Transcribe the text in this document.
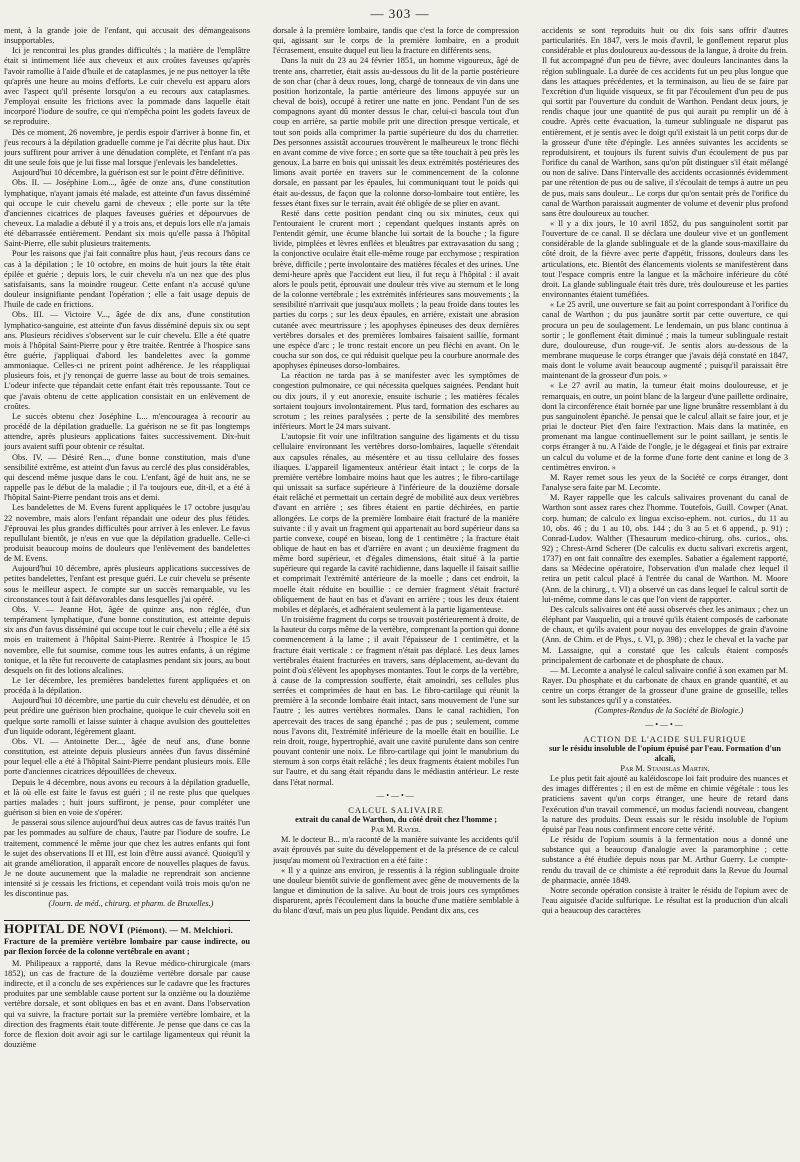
— 303 —

ment, à la grande joie de l'enfant, qui accusait des démangeaisons insupportables.

Ici je rencontrai les plus grandes difficultés ; la matière de l'emplâtre était si intimement liée aux cheveux et aux croûtes faveuses qu'après l'avoir ramollie à l'aide d'huile et de cataplasmes, je ne pus nettoyer la tête qu'après une heure au moins d'efforts. Le cuir chevelu est apparu alors avec l'aspect qu'il présente lorsqu'on a eu recours aux cataplasmes. J'employai ensuite les frictions avec la pommade dans laquelle était incorporé l'iodure de soufre, ce qui n'empêcha point les godets faveux de se reproduire.

Dès ce moment, 26 novembre, je perdis espoir d'arriver à bonne fin, et j'eus recours à la dépilation graduelle comme je l'ai décrite plus haut. Dix jours suffirent pour arriver à une dénudation complète, et l'enfant n'a pas dit une seule fois que je lui fisse mal lorsque j'enlevais les bandelettes.

Aujourd'hui 10 décembre, la guérison est sur le point d'être définitive.

Obs. II. — Joséphine Lom..., âgée de onze ans, d'une constitution lymphatique, n'ayant jamais été malade, est atteinte d'un favus disséminé qui occupe le cuir chevelu garni de cheveux ; elle porte sur la tête d'anciennes cicatrices de plaques faveuses guéries et dépourvues de cheveux. La maladie a débuté il y a trois ans, et depuis lors elle n'a jamais été débarrassée entièrement. Pendant six mois qu'elle passa à l'hôpital Saint-Pierre, elle subit plusieurs traitements.

Pour les raisons que j'ai fait connaître plus haut, j'eus recours dans ce cas à la dépilation ; le 10 octobre, en moins de huit jours la tête était épilée et guérie ; depuis lors, le cuir chevelu n'a un nez que des plus satisfaisants, sans la moindre rougeur. Cette enfant n'a accusé qu'une douleur insignifiante pendant l'opération ; elle a fait usage depuis de l'huile de cade en frictions.

Obs. III. — Victoire V..., âgée de dix ans, d'une constitution lymphatico-sanguine, est atteinte d'un favus disséminé depuis six ou sept ans. Plusieurs récidives s'observent sur le cuir chevelu. Elle a été quatre mois à l'hôpital Saint-Pierre pour y être traitée. Rentrée à l'hospice sans être guérie, j'appliquai d'abord les bandelettes avec la gomme ammoniaque. Celles-ci ne prirent point adhérence. Je les réappliquai plusieurs fois, et j'y renonçai de guerre lasse au bout de trois semaines. L'odeur infecte que répandait cette enfant était très repoussante. Tout ce que j'avais obtenu de cette application consistait en un enlèvement de croûtes.

Le succès obtenu chez Joséphine L... m'encouragea à recourir au procédé de la dépilation graduelle. La guérison ne se fit pas longtemps attendre, après plusieurs applications faites successivement. Dix-huit jours avaient suffi pour obtenir ce résultat.

Obs. IV. — Désiré Ren..., d'une bonne constitution, mais d'une sensibilité extrême, est atteint d'un favus au cerclé des plus considérables, qui descend même jusque dans le cou. L'enfant, âgé de huit ans, ne se rappelle pas le début de la maladie ; il l'a toujours eue, dit-il, et a été à l'hôpital Saint-Pierre pendant trois ans et demi.

Les bandelettes de M. Evens furent appliquées le 17 octobre jusqu'au 22 novembre, mais alors l'enfant répandait une odeur des plus fétides. J'éprouvai les plus grandes difficultés pour arriver à les enlever. Le favus repullulant bientôt, je n'eus en vue que la dépilation graduelle. Celle-ci produisit beaucoup moins de douleurs que l'enlèvement des bandelettes de M. Evens.

Aujourd'hui 10 décembre, après plusieurs applications successives de petites bandelettes, l'enfant est presque guéri. Le cuir chevelu se présente sous le meilleur aspect. Je compte sur un succès remarquable, vu les circonstances tout à fait défavorables dans lesquelles j'ai opéré.

Obs. V. — Jeanne Hot, âgée de quinze ans, non réglée, d'un tempérament lymphatique, d'une bonne constitution, est atteinte depuis six ans d'un favus disséminé qui occupe tout le cuir chevelu ; elle a été six mois en traitement à l'hôpital Saint-Pierre. Rentrée à l'hospice le 15 novembre, elle fut soumise, comme tous les autres enfants, à un régime tonique, et la tête fut recouverte de cataplasmes pendant six jours, au bout desquels on fit des lotions alcalines.

Le 1er décembre, les premières bandelettes furent appliquées et on procéda à la dépilation.

Aujourd'hui 10 décembre, une partie du cuir chevelu est dénudée, et on peut prédire une guérison bien prochaine, quoique le cuir chevelu soit en quelque sorte ramolli et laisse suinter à chaque avulsion des gouttelettes d'un liquide odorant, légèrement glaant.

Obs. VI. — Antoinette Der..., âgée de neuf ans, d'une bonne constitution, est atteinte depuis plusieurs années d'un favus disséminé pour lequel elle a été à l'hôpital Saint-Pierre pendant plusieurs mois. Elle porte d'anciennes cicatrices dépouillées de cheveux.

Depuis le 4 décembre, nous avons eu recours à la dépilation graduelle, et là où elle est faite le favus est guéri ; il ne reste plus que quelques parties malades ; huit jours suffiront, je pense, pour compléter une guérison si bien en voie de s'opérer.

Je passerai sous silence aujourd'hui deux autres cas de favus traités l'un par les pommades au sulfure de chaux, l'autre par l'iodure de soufre. Le traitement, commencé le même jour que chez les autres enfants qui font le sujet des observations II et III, est loin d'être aussi avancé. Quoiqu'il y ait grande amélioration, il apparaît encore de nouvelles plaques de favus. Je ne doute aucunement que la maladie ne reprendrait son ancienne intensité si je cessais les frictions, et cependant voilà trois mois qu'on ne les discontinue pas.

(Journ. de méd., chirurg. et pharm. de Bruxelles.)

HOPITAL DE NOVI (Piémont). — M. Melchiori.
Fracture de la première vertèbre lombaire par cause indirecte, ou par flexion forcée de la colonne vertébrale en avant ;

M. Philipeaux a rapporté, dans la Revue médico-chirurgicale (mars 1852), un cas de fracture de la douzième vertèbre dorsale par cause indirecte, et il a conclu de ses expériences sur le cadavre que les fractures produites par une semblable cause portent sur la onzième ou la douzième vertèbre dorsale, et sont obliques en bas et en avant. Dans l'observation qui va suivre, la fracture portait sur la première vertèbre lombaire, et la direction des fragments était toute différente. Je pense que dans ce cas la force de flexion doit avoir agi sur le cartilage ligamenteux qui réunit la douzième

dorsale à la première lombaire, tandis que c'est la force de compression qui, agissant sur le corps de la première lombaire, en a produit l'écrasement, ensuite duquel eut lieu la fracture en différents sens.

Dans la nuit du 23 au 24 février 1851, un homme vigoureux, âgé de trente ans, charretier, était assis au-dessous du lit de la partie postérieure de son char (char à deux roues, long, chargé de tonneaux de vin dans une position horizontale, la partie antérieure des limons appuyée sur un cheval de bois), occupé à retirer une natte en jonc. Pendant l'un de ses compagnons ayant dû monter dessus le char, celui-ci bascula tout d'un coup en arrière, sa partie mobile prit une direction presque verticale, et tout son poids alla comprimer la partie supérieure du dos du charretier. Des personnes assistât accourues trouvèrent le malheureux le tronc fléchi en avant comme de vive force ; en sorte que sa tête touchait à peu près les genoux. La barre en bois qui unissait les deux extrémités postérieures des limons avait portée en travers sur le commencement de la colonne dorsale, en passant par les épaules, lui communiquant tout le poids qui était au-dessus, de façon que la colonne dorso-lombaire tout entière, les fesses étant fixes sur le terrain, avait été obligée de se plier en avant.

Resté dans cette position pendant cinq ou six minutes, ceux qui l'entouraient le crurent mort ; cependant quelques instants après on l'entendit gémir, une écume blanche lui sortait de la bouche ; la figure livide, pimplées et lèvres enflées et bleuâtres par extravasation du sang ; la conjonctive oculaire était elle-même rouge par ecchymose ; respiration brève, difficile ; perte involontaire des matières fécales et des urines. Une demi-heure après que l'accident eut lieu, il fut reçu à l'hôpital : il avait alors le pouls petit, éprouvait une douleur très vive au sternum et le long de la colonne vertébrale ; les extrémités inférieures sans mouvements ; la sensibilité n'arrivait que jusqu'aux mollets ; la peau froide dans toutes les parties du corps ; sur les deux épaules, en arrière, existait une abrasion cutanée avec meurtrissure ; les apophyses épineuses des deux dernières vertèbres dorsales et des premières lombaires faisaient saillie, formant une espèce d'arc ; le tronc restait encore un peu fléchi en avant. On le coucha sur son dos, ce qui réduisit quelque peu la courbure anormale des apophyses épineuses dorso-lombaires.

La réaction ne tarda pas à se manifester avec les symptômes de congestion pulmonaire, ce qui nécessita quelques saignées. Pendant huit ou dix jours, il y eut anorexie, ensuite ischurie ; les matières fécales sortaient toujours involontairement. Plus tard, formation des eschares au scrotum ; les reines paralysées ; perte de la sensibilité des membres inférieurs. Mort le 24 mars suivant.

L'autopsie fit voir une infiltration sanguine des ligaments et du tissu cellulaire environnant les vertèbres dorso-lombaires, laquelle s'étendait aux capsules rénales, au mésentère et au tissu cellulaire des fosses iliaques. L'appareil ligamenteux antérieur était intact ; le corps de la première vertèbre lombaire moins haut que les autres ; le fibro-cartilage qui unissait sa surface supérieure à l'inférieure de la douzième dorsale était relâché et permettait un certain degré de mobilité aux deux vertèbres d'avant en arrière ; ses fibres étaient en partie déchirées, en partie allongées. Le corps de la première lombaire était fracturé de la manière suivante : il y avait un fragment qui appartenait au bord supérieur dans sa partie convexe, coupé en biseau, long de 1 centimètre ; la fracture était oblique de haut en bas et d'arrière en avant ; un deuxième fragment du même bord supérieur, et d'égales dimensions, était situé à la partie supérieure qui regarde la cavité rachidienne, dans laquelle il faisait saillie et comprimait l'extrémité antérieure de la moelle ; dans cet endroit, la moelle était réduite en bouillie : ce dernier fragment s'était fracturé obliquement de haut en bas et d'avant en arrière ; tous les deux étaient mobiles et déplacés, et adhéraient seulement à la partie ligamenteuse.

Un troisième fragment du corps se trouvait postérieurement à droite, de la hauteur du corps même de la vertèbre, comprenant la portion qui donne commencement à la lame ; il avait l'épaisseur de 1 centimètre, et la fracture était verticale : ce fragment n'était pas déplacé. Les deux lames vertébrales étaient fracturées en travers, sans déplacement, au-devant du point d'où s'élèvent les apophyses montantes. Tout le corps de la vertèbre, à cause de la compression soufferte, était amoindri, ses cellules plus serrées et comprimées de haut en bas. Le fibro-cartilage qui réunit la première à la seconde lombaire était intact, sans mouvement de l'une sur l'autre ; les autres vertèbres normales. Dans le canal rachidien, l'on apercevait des traces de sang épanché ; pas de pus ; seulement, comme nous l'avons dit, l'extrémité inférieure de la moelle était en bouillie. Le rein droit, rouge, hypertrophié, avait une cavité purulente dans son centre pouvant contenir une noix. Le fibro-cartilage qui joint le manubrium du sternum à son corps était relâché ; les deux fragments étaient mobiles l'un sur l'autre, et du sang était répandu dans le médiastin antérieur. Le reste dans l'état normal.

—•—•—
CALCUL SALIVAIRE
extrait du canal de Warthon, du côté droit chez l'homme ;
Par M. Rayer.

M. le docteur B... m'a raconté de la manière suivante les accidents qu'il avait éprouvés par suite du développement et de la présence de ce calcul jusqu'au moment où l'extraction en a été faite :

« Il y a quinze ans environ, je ressentis à la région sublinguale droite une douleur bientôt suivie de gonflement avec gêne de mouvements de la langue et diminution de la salive. Au bout de trois jours ces symptômes disparurent, après l'écoulement dans la bouche d'une matière semblable à du blanc d'œuf, mais un peu plus liquide. Pendant dix ans, ces

accidents se sont reproduits huit ou dix fois sans offrir d'autres particularités. En 1847, vers le mois d'avril, le gonflement reparut plus considérable et plus douloureux au-dessous de la langue, à droite du frein. Il fut accompagné d'un peu de fièvre, avec douleurs lancinantes dans la région sublinguale. La durée de ces accidents fut un peu plus longue que dans les attaques précédentes, et la terminaison, au lieu de se faire par l'excrétion d'un liquide visqueux, se fit par l'écoulement d'un peu de pus qui sortit par l'ouverture du conduit de Warthon. Pendant deux jours, je rendis chaque jour une quantité de pus qui aurait pu remplir un dé à coudre. Après cette évacuation, la tumeur sublinguale ne disparut pas entièrement, et je sentis avec le doigt qu'il existait là un petit corps dur de la grosseur d'une tête d'épingle. Les années suivantes les accidents se reproduisirent, et toujours ils furent suivis d'un écoulement de pus par l'orifice du canal de Warthon, sans qu'on pût distinguer s'il était mélangé ou non de salive. Dans l'intervalle des accidents occasionnés évidemment par une rétention de pus ou de salive, il s'écoulait de temps à autre un peu de pus, mais sans douleur... Le corps dur qu'on sentait près de l'orifice du canal de Warthon paraissait augmenter de volume et devenir plus profond sans être douloureux au toucher.

« Il y a dix jours, le 10 avril 1852, du pus sanguinolent sortit par l'ouverture de ce canal. Il se déclara une douleur vive et un gonflement considérable de la glande sublinguale et de la glande sous-maxillaire du côté droit, de la fièvre avec perte d'appétit, frissons, douleurs dans les articulations, etc. Bientôt des élancements violents se manifestèrent dans tout l'espace compris entre la langue et la mâchoire inférieure du côté droit. La glande sublinguale était très dure, très douloureuse et les parties environnantes étaient tuméfiées.

« Le 25 avril, une ouverture se fait au point correspondant à l'orifice du canal de Warthon ; du pus jaunâtre sortit par cette ouverture, ce qui procura un peu de soulagement. Le lendemain, un pus blanc continua à sortir ; le gonflement était diminué ; mais la tumeur sublinguale restait dure, douloureuse, d'un rouge-vif. Je sentis alors au-dessous de la membrane muqueuse le corps étranger que j'avais déjà constaté en 1847, mais dont le volume avait beaucoup augmenté ; puisqu'il paraissait être maintenant de la grosseur d'un pois. »

« Le 27 avril au matin, la tumeur était moins douloureuse, et je remarquais, en outre, un point blanc de la largeur d'une paillette ordinaire, dont la circonférence était bornée par une ligne brunâtre ressemblant à du pus sanguinolent épanché. Je pensai que le calcul allait se faire jour, et je priai le docteur Piet d'en faire l'extraction. Mais dans la matinée, en promenant ma langue continuellement sur le point saillant, je sentis le corps étranger à nu. A l'aide de l'ongle, je le dégageai et finis par extraire un calcul du volume et de la forme d'une forte dent canine et long de 3 centimètres environ. »

M. Rayer remet sous les yeux de la Société ce corps étranger, dont l'analyse sera faite par M. Lecomte.

M. Rayer rappelle que les calculs salivaires provenant du canal de Warthon sont assez rares chez l'homme. Toutefois, Guill. Cowper (Anat. corp. human; de calculo ex lingua exciso-ephem. not. curios., du 11 au 10, obs. 46 ; du 1 au 10, obs. 144 ; du 3 au 5 et 6 append., p. 91) ; Conrad-Ludov. Walther (Thesaurum medico-chirurg. obs. curios., obs. 92) ; Chrest-Arnd Scherer (De calculis ex ductu salivari excretis argent, 1737) en ont fait connaître des exemples. Sabatier a également rapporté, dans sa Médecine opératoire, l'observation d'un malade chez lequel il retira un petit calcul placé à l'entrée du canal de Warthon. M. Moore (Ann. de la chirurg., t. VI) a observé un cas dans lequel le calcul sortit de lui-même, comme dans le cas que l'on vient de rapporter.

Des calculs salivaires ont été aussi observés chez les animaux ; chez un éléphant par Vauquelin, qui a trouvé qu'ils étaient composés de carbonate de chaux, et qu'ils avaient pour noyau des enveloppes de grain d'avoine (Ann. de Chim. et de Phys., t. VI, p. 398) ; chez le cheval et la vache par M. Lassaigne, qui a constaté que les calculs étaient composés principalement de carbonate et de phosphate de chaux.

— M. Lecomte a analysé le calcul salivaire confié à son examen par M. Rayer. Du phosphate et du carbonate de chaux en grande quantité, et au centre un corps étranger de la grosseur d'une graine de groseille, telles sont les substances qu'il y a constatées.

(Comptes-Rendus de la Société de Biologie.)

—•—•—
ACTION DE L'ACIDE SULFURIQUE
sur le résidu insoluble de l'opium épuisé par l'eau. Formation d'un alcali,
Par M. Stanislas Martin.

Le plus petit fait ajouté au kaléidoscope loi fait produire des nuances et des images différentes ; il en est de même en chimie végétale : tous les praticiens savent qu'un corps étranger, une heure de retard dans l'exécution d'un travail commencé, un modus faciendi nouveau, changent la nature des produits. Deux essais sur le résidu insoluble de l'opium épuisé par l'eau nous confirment encore cette vérité.

Le résidu de l'opium soumis à la fermentation nous a donné une substance qui a beaucoup d'analogie avec la paramorphine ; cette substance a été étudiée depuis nous par M. Arthur Guerry. Le compte-rendu du travail de ce chimiste a été reproduit dans la Revue du Journal de pharmacie, année 1849.

Notre seconde opération consiste à traiter le résidu de l'opium avec de l'eau aiguisée d'acide sulfurique. Le résultat est la production d'un alcali qui a beaucoup des caractères
